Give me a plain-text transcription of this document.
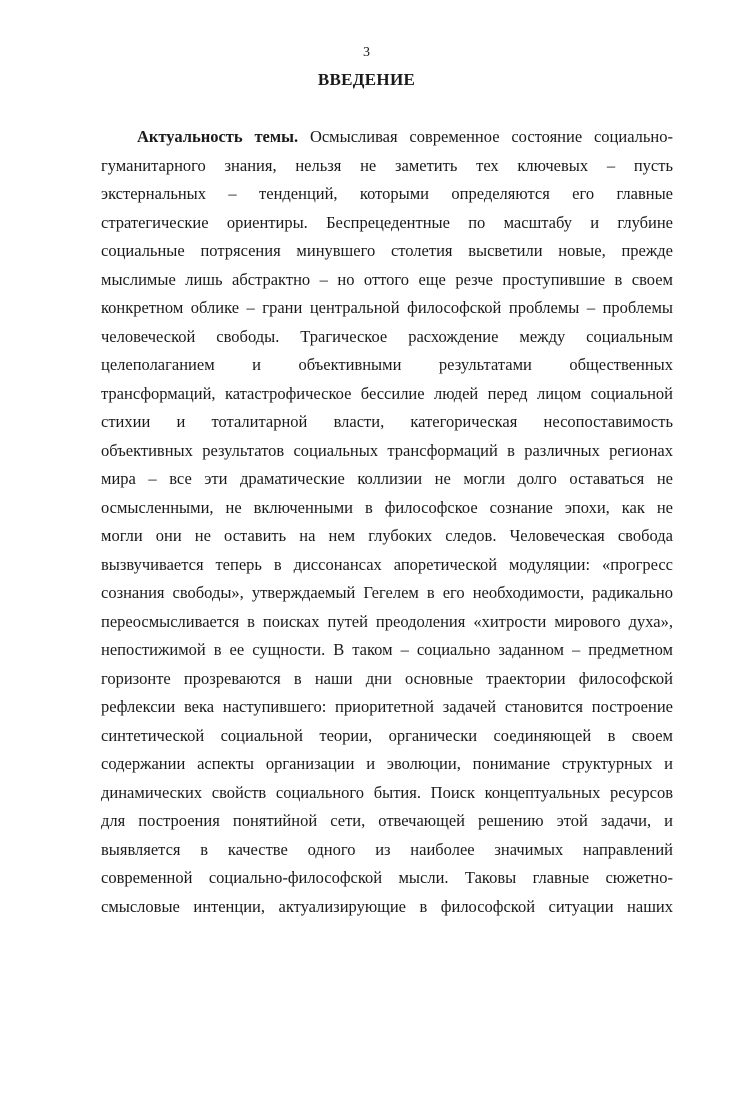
3
ВВЕДЕНИЕ
Актуальность темы. Осмысливая современное состояние социально-
гуманитарного знания, нельзя не заметить тех ключевых – пусть
экстернальных – тенденций, которыми определяются его главные
стратегические ориентиры. Беспрецедентные по масштабу и глубине
социальные потрясения минувшего столетия высветили новые, прежде
мыслимые лишь абстрактно – но оттого еще резче проступившие в своем
конкретном облике – грани центральной философской проблемы – проблемы
человеческой свободы. Трагическое расхождение между социальным
целеполаганием и объективными результатами общественных
трансформаций, катастрофическое бессилие людей перед лицом социальной
стихии и тоталитарной власти, категорическая несопоставимость
объективных результатов социальных трансформаций в различных регионах
мира – все эти драматические коллизии не могли долго оставаться не
осмысленными, не включенными в философское сознание эпохи, как не
могли они не оставить на нем глубоких следов. Человеческая свобода
вызвучивается теперь в диссонансах апоретической модуляции: «прогресс
сознания свободы», утверждаемый Гегелем в его необходимости, радикально
переосмысливается в поисках путей преодоления «хитрости мирового духа»,
непостижимой в ее сущности. В таком – социально заданном – предметном
горизонте прозреваются в наши дни основные траектории философской
рефлексии века наступившего: приоритетной задачей становится построение
синтетической социальной теории, органически соединяющей в своем
содержании аспекты организации и эволюции, понимание структурных и
динамических свойств социального бытия. Поиск концептуальных ресурсов
для построения понятийной сети, отвечающей решению этой задачи, и
выявляется в качестве одного из наиболее значимых направлений
современной социально-философской мысли. Таковы главные сюжетно-
смысловые интенции, актуализирующие в философской ситуации наших
